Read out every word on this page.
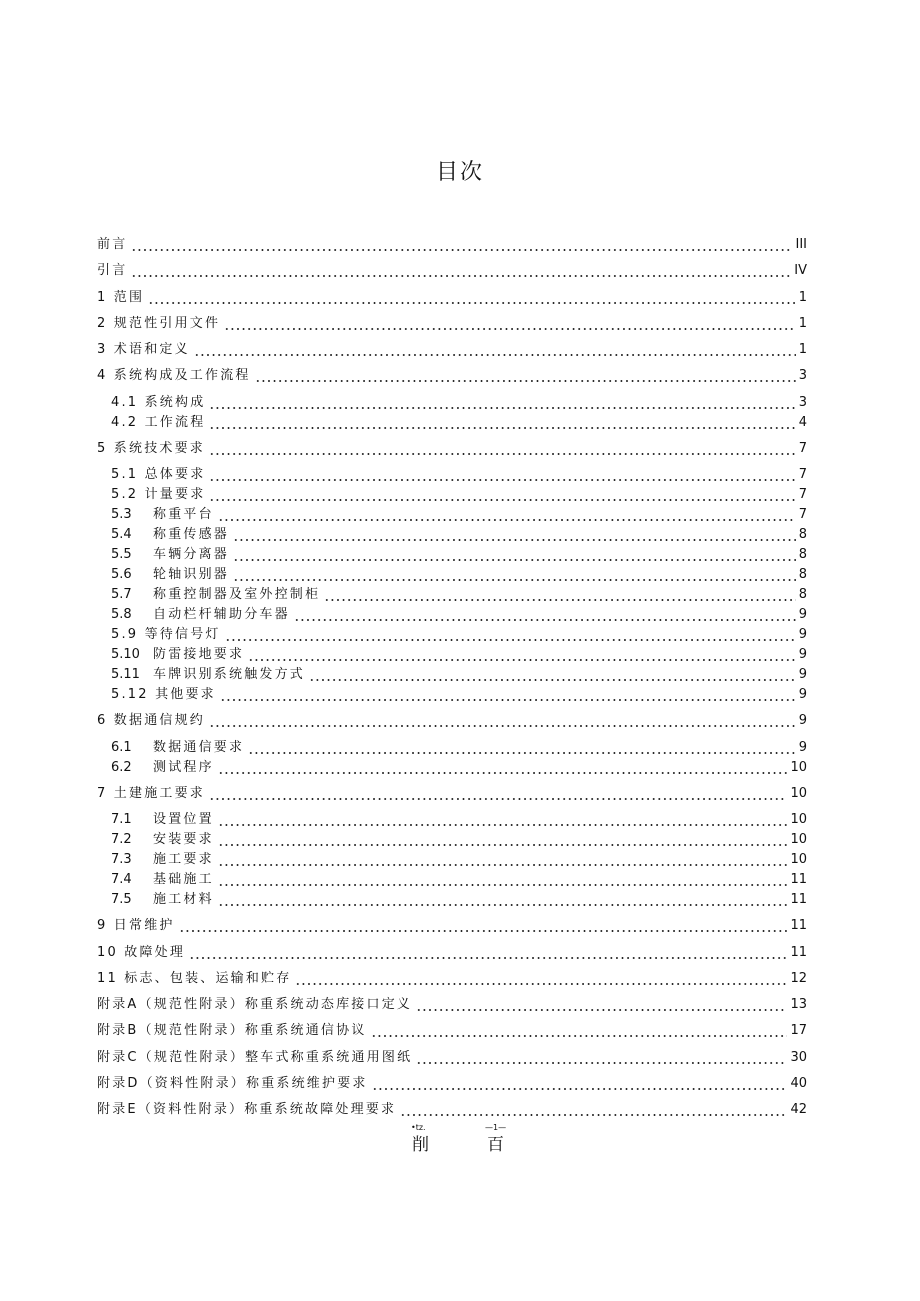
目次
前言	III
引言	IV
1 范围	1
2 规范性引用文件	1
3 术语和定义	1
4 系统构成及工作流程	3
4.1 系统构成	3
4.2 工作流程	4
5 系统技术要求	7
5.1 总体要求	7
5.2 计量要求	7
5.3	称重平台	7
5.4	称重传感器	8
5.5	车辆分离器	8
5.6	轮轴识别器	8
5.7	称重控制器及室外控制柜	8
5.8	自动栏杆辅助分车器	9
5.9 等待信号灯	9
5.10	防雷接地要求	9
5.11	车牌识别系统触发方式	9
5.12 其他要求	9
6 数据通信规约	9
6.1	数据通信要求	9
6.2	测试程序	10
7 土建施工要求	10
7.1	设置位置	10
7.2	安装要求	10
7.3	施工要求	10
7.4	基础施工	11
7.5	施工材料	11
9 日常维护	11
10 故障处理	11
11 标志、包装、运输和贮存	12
附录A（规范性附录）称重系统动态库接口定义	13
附录B（规范性附录）称重系统通信协议	17
附录C（规范性附录）整车式称重系统通用图纸	30
附录D（资料性附录）称重系统维护要求	40
附录E（资料性附录）称重系统故障处理要求	42
•tz.
削
—1—
百
